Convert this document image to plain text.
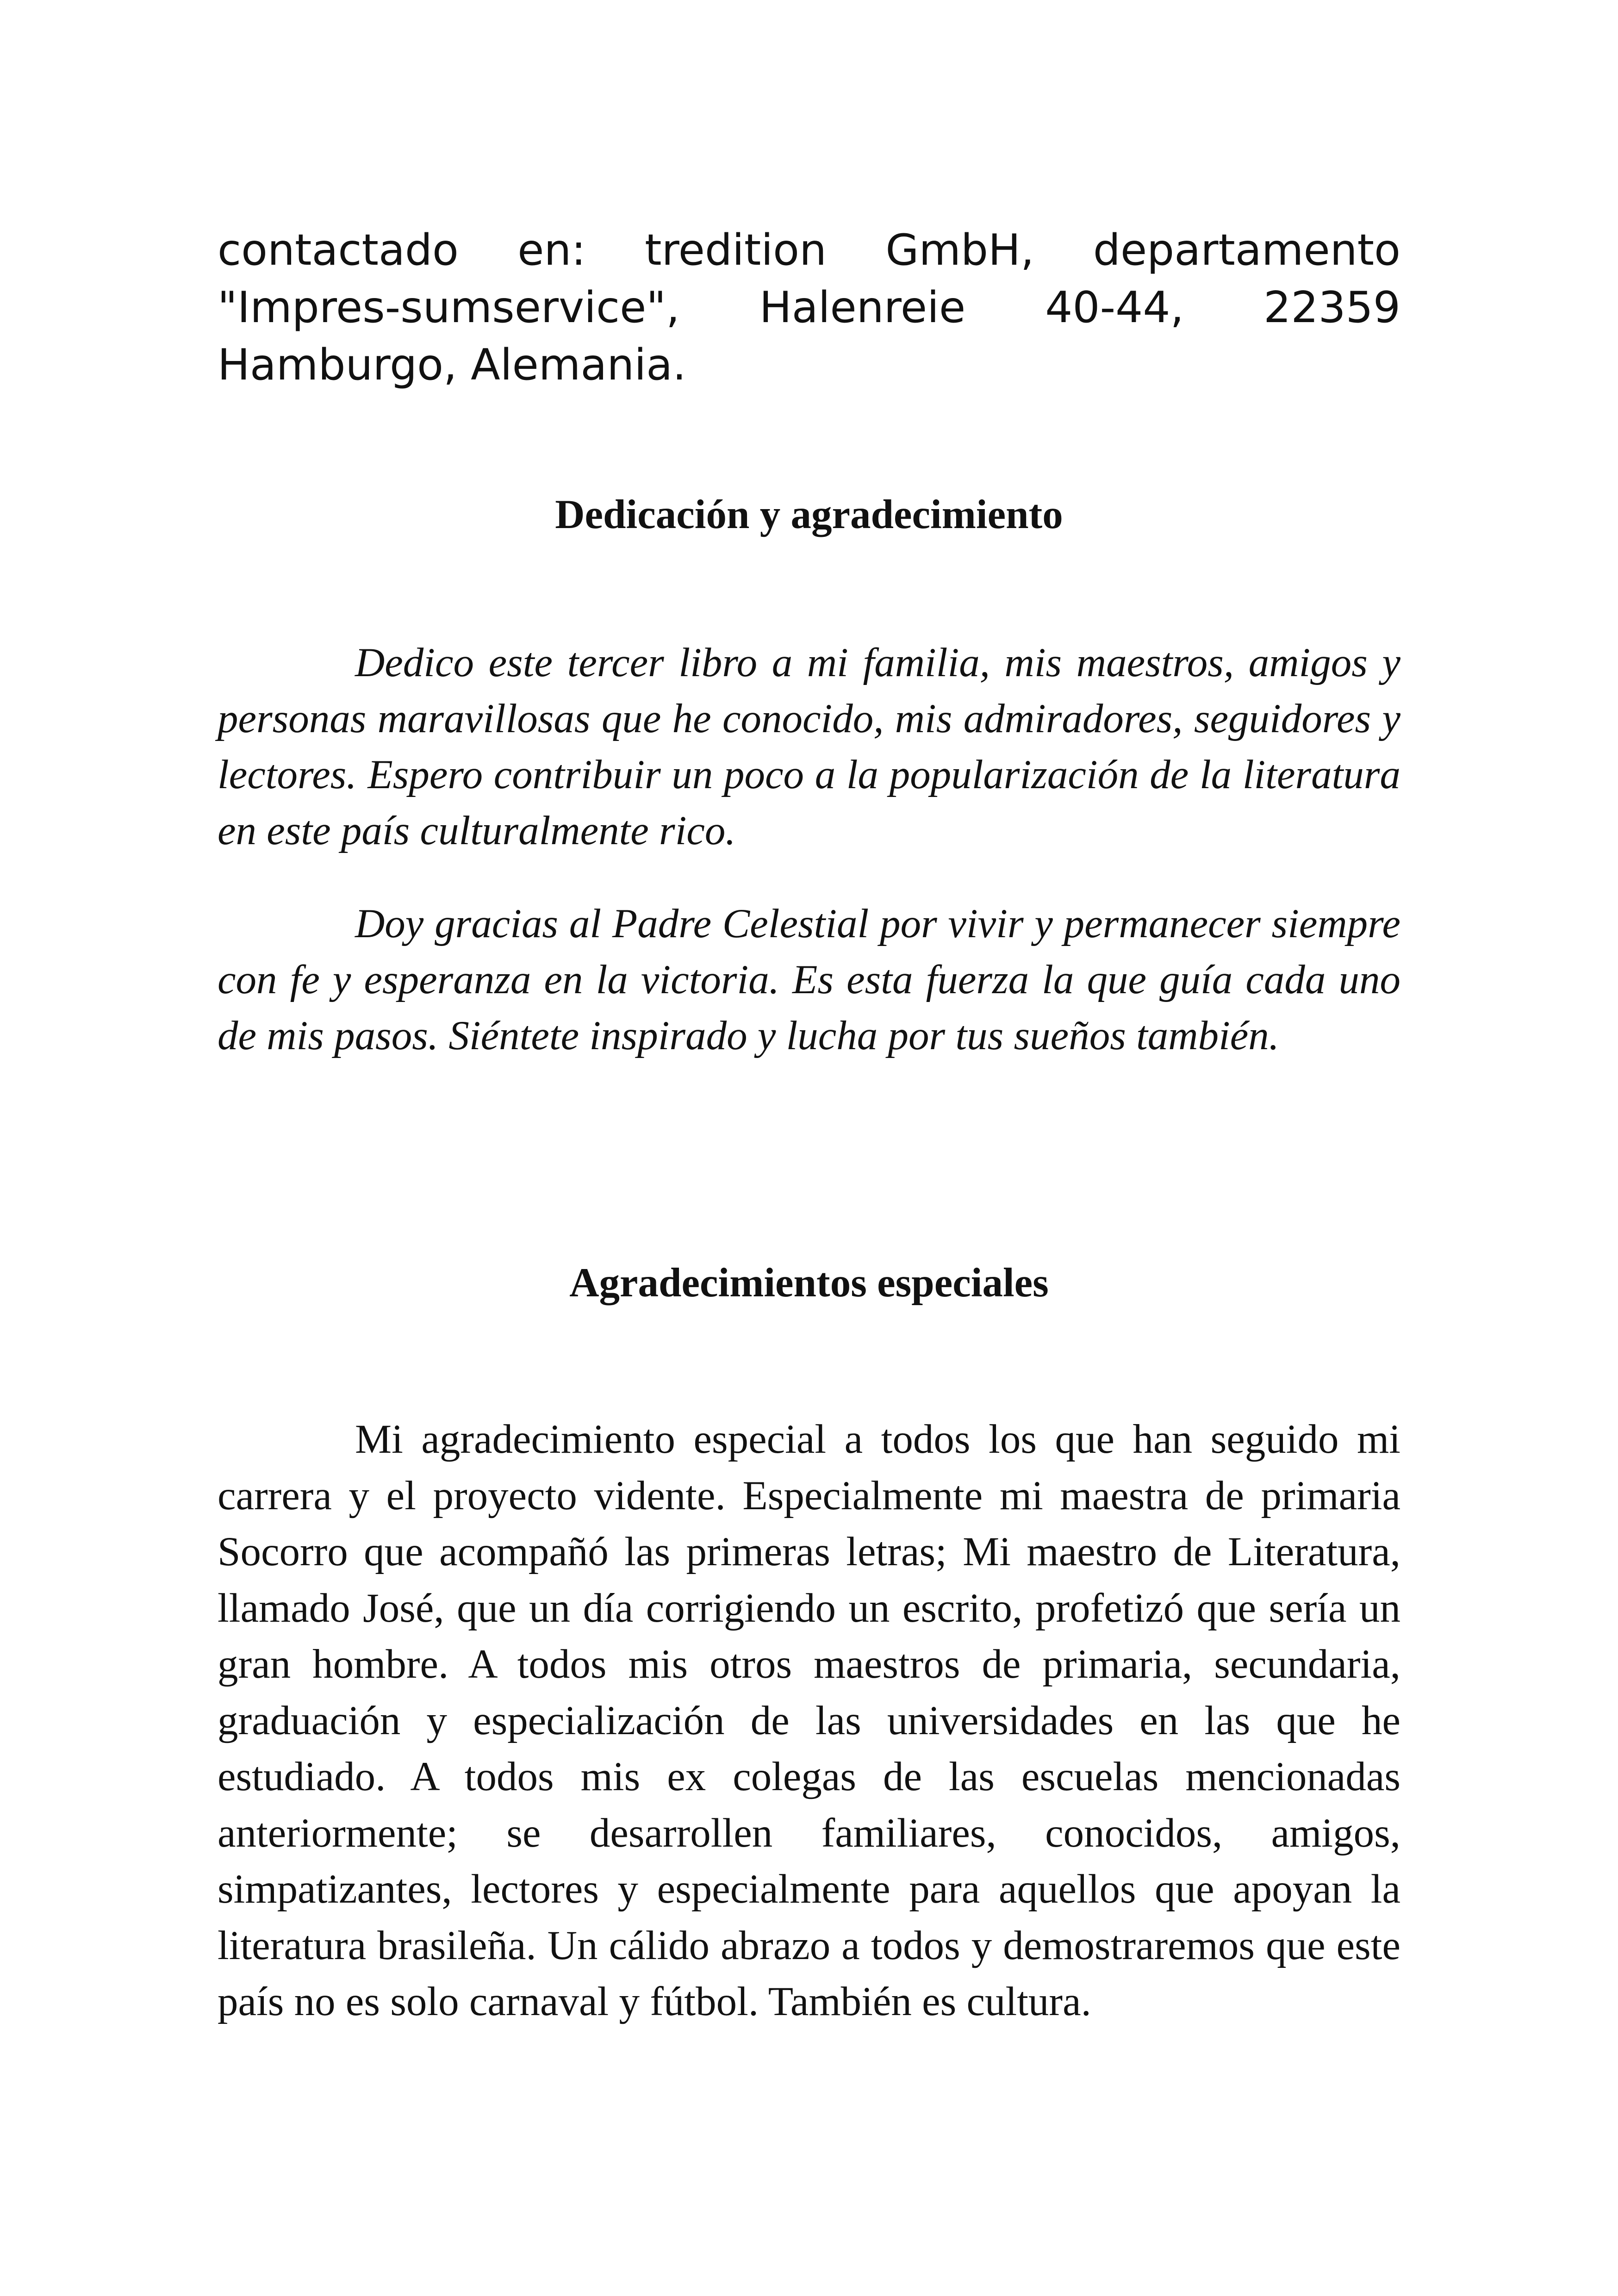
contactado en: tredition GmbH, departamento "Impres-sumservice", Halenreie 40-44, 22359 Hamburgo, Alemania.

Dedicación y agradecimiento

Dedico este tercer libro a mi familia, mis maestros, amigos y personas maravillosas que he conocido, mis admiradores, seguidores y lectores. Espero contribuir un poco a la popularización de la literatura en este país culturalmente rico.

Doy gracias al Padre Celestial por vivir y permanecer siempre con fe y esperanza en la victoria. Es esta fuerza la que guía cada uno de mis pasos. Siéntete inspirado y lucha por tus sueños también.

Agradecimientos especiales

Mi agradecimiento especial a todos los que han seguido mi carrera y el proyecto vidente. Especialmente mi maestra de primaria Socorro que acompañó las primeras letras; Mi maestro de Literatura, llamado José, que un día corrigiendo un escrito, profetizó que sería un gran hombre. A todos mis otros maestros de primaria, secundaria, graduación y especialización de las universidades en las que he estudiado. A todos mis ex colegas de las escuelas mencionadas anteriormente; se desarrollen familiares, conocidos, amigos, simpatizantes, lectores y especialmente para aquellos que apoyan la literatura brasileña. Un cálido abrazo a todos y demostraremos que este país no es solo carnaval y fútbol. También es cultura.
